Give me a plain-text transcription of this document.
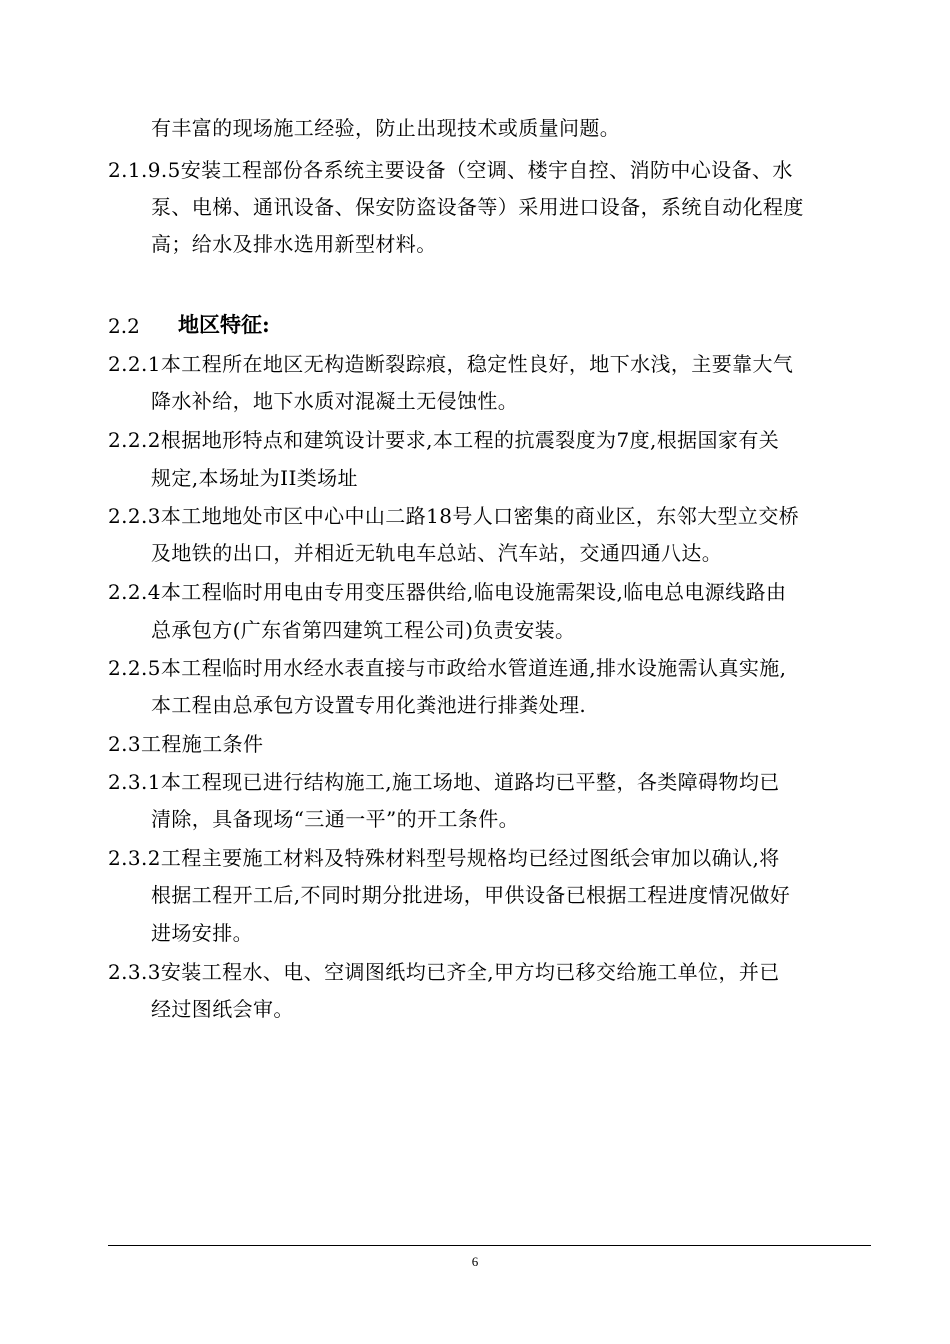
有丰富的现场施工经验，防止出现技术或质量问题。
2.1.9.5安装工程部份各系统主要设备（空调、楼宇自控、消防中心设备、水
泵、电梯、通讯设备、保安防盗设备等）采用进口设备，系统自动化程度
高；给水及排水选用新型材料。
2.2 地区特征:
2.2.1本工程所在地区无构造断裂踪痕，稳定性良好，地下水浅，主要靠大气
降水补给，地下水质对混凝土无侵蚀性。
2.2.2根据地形特点和建筑设计要求,本工程的抗震裂度为7度,根据国家有关
规定,本场址为II类场址
2.2.3本工地地处市区中心中山二路18号人口密集的商业区，东邻大型立交桥
及地铁的出口，并相近无轨电车总站、汽车站，交通四通八达。
2.2.4本工程临时用电由专用变压器供给,临电设施需架设,临电总电源线路由
总承包方(广东省第四建筑工程公司)负责安装。
2.2.5本工程临时用水经水表直接与市政给水管道连通,排水设施需认真实施,
本工程由总承包方设置专用化粪池进行排粪处理.
2.3工程施工条件
2.3.1本工程现已进行结构施工,施工场地、道路均已平整，各类障碍物均已
清除，具备现场“三通一平”的开工条件。
2.3.2工程主要施工材料及特殊材料型号规格均已经过图纸会审加以确认,将
根据工程开工后,不同时期分批进场，甲供设备已根据工程进度情况做好
进场安排。
2.3.3安装工程水、电、空调图纸均已齐全,甲方均已移交给施工单位，并已
经过图纸会审。
6
